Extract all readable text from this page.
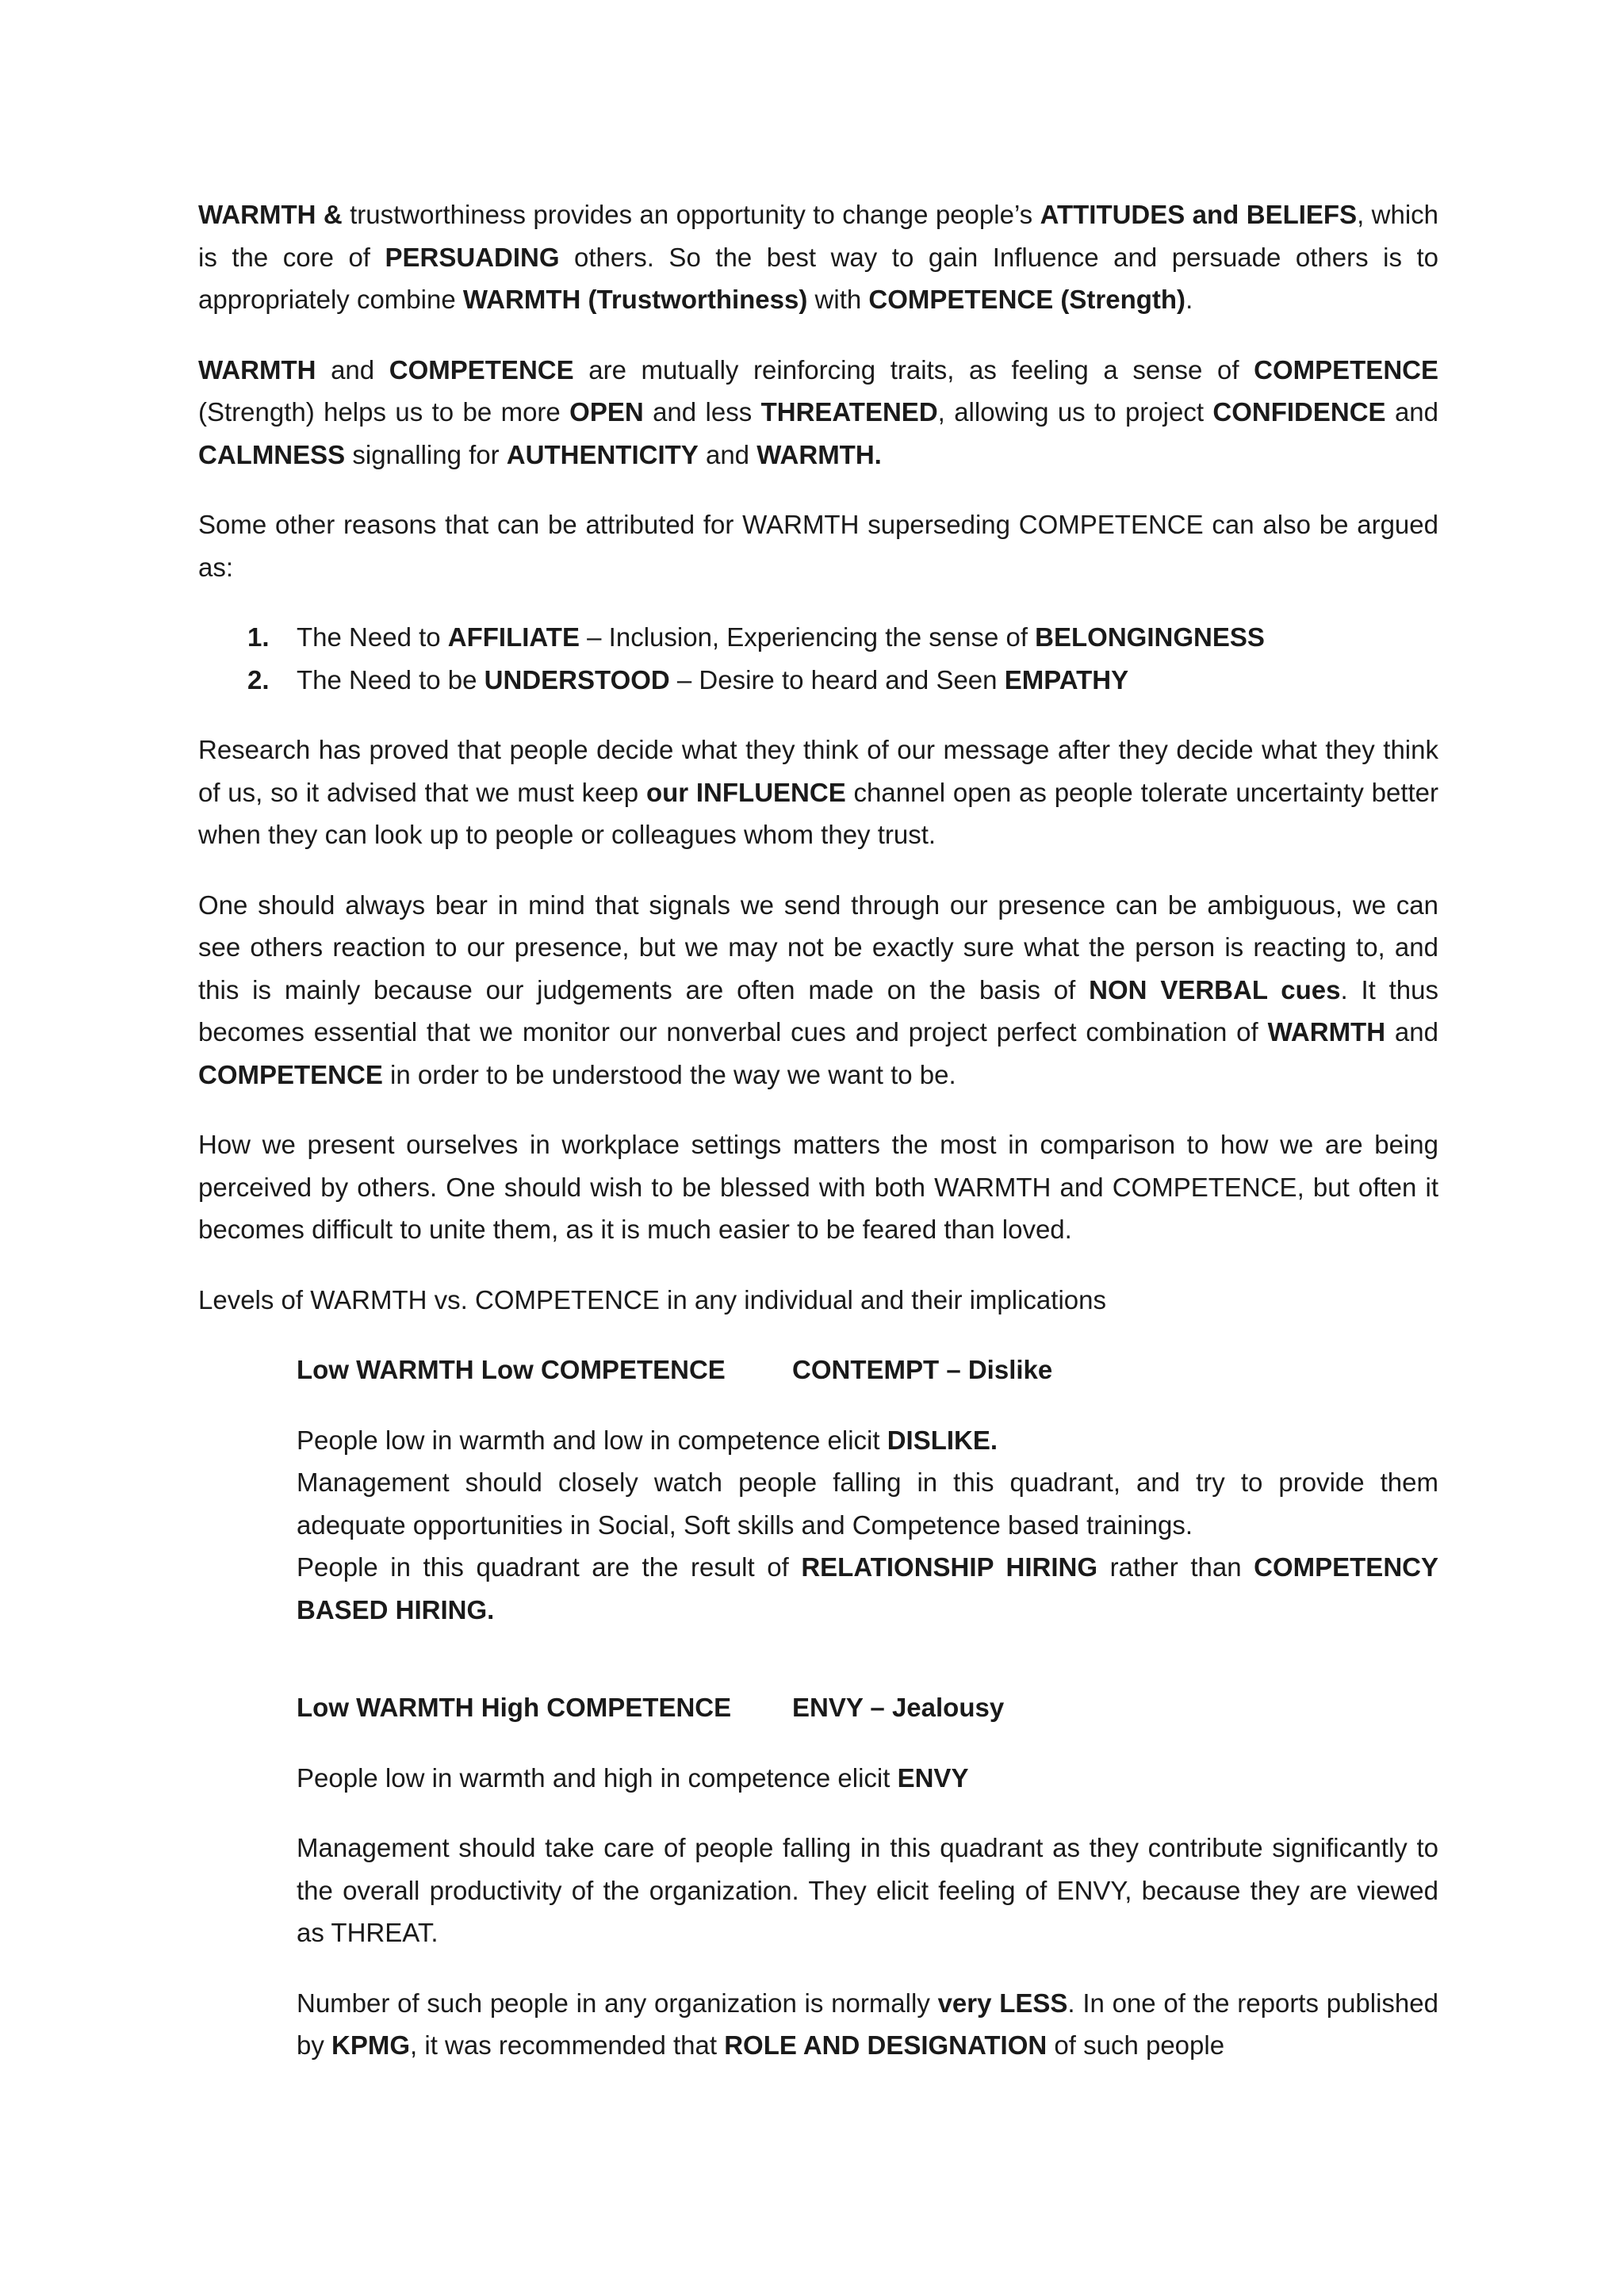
WARMTH & trustworthiness provides an opportunity to change people’s ATTITUDES and BELIEFS, which is the core of PERSUADING others. So the best way to gain Influence and persuade others is to appropriately combine WARMTH (Trustworthiness) with COMPETENCE (Strength).

WARMTH and COMPETENCE are mutually reinforcing traits, as feeling a sense of COMPETENCE (Strength) helps us to be more OPEN and less THREATENED, allowing us to project CONFIDENCE and CALMNESS signalling for AUTHENTICITY and WARMTH.

Some other reasons that can be attributed for WARMTH superseding COMPETENCE can also be argued as:

1.	The Need to AFFILIATE – Inclusion, Experiencing the sense of BELONGINGNESS
2.	The Need to be UNDERSTOOD – Desire to heard and Seen EMPATHY

Research has proved that people decide what they think of our message after they decide what they think of us, so it advised that we must keep our INFLUENCE channel open as people tolerate uncertainty better when they can look up to people or colleagues whom they trust.

One should always bear in mind that signals we send through our presence can be ambiguous, we can see others reaction to our presence, but we may not be exactly sure what the person is reacting to, and this is mainly because our judgements are often made on the basis of NON VERBAL cues. It thus becomes essential that we monitor our nonverbal cues and project perfect combination of WARMTH and COMPETENCE in order to be understood the way we want to be.

How we present ourselves in workplace settings matters the most in comparison to how we are being perceived by others. One should wish to be blessed with both WARMTH and COMPETENCE, but often it becomes difficult to unite them, as it is much easier to be feared than loved.

Levels of WARMTH vs. COMPETENCE in any individual and their implications

Low WARMTH Low COMPETENCE	CONTEMPT – Dislike
People low in warmth and low in competence elicit DISLIKE.
Management should closely watch people falling in this quadrant, and try to provide them adequate opportunities in Social, Soft skills and Competence based trainings.
People in this quadrant are the result of RELATIONSHIP HIRING rather than COMPETENCY BASED HIRING.
Low WARMTH High COMPETENCE	ENVY – Jealousy

People low in warmth and high in competence elicit ENVY

Management should take care of people falling in this quadrant as they contribute significantly to the overall productivity of the organization. They elicit feeling of ENVY, because they are viewed as THREAT.

Number of such people in any organization is normally very LESS. In one of the reports published by KPMG, it was recommended that ROLE AND DESIGNATION of such people
